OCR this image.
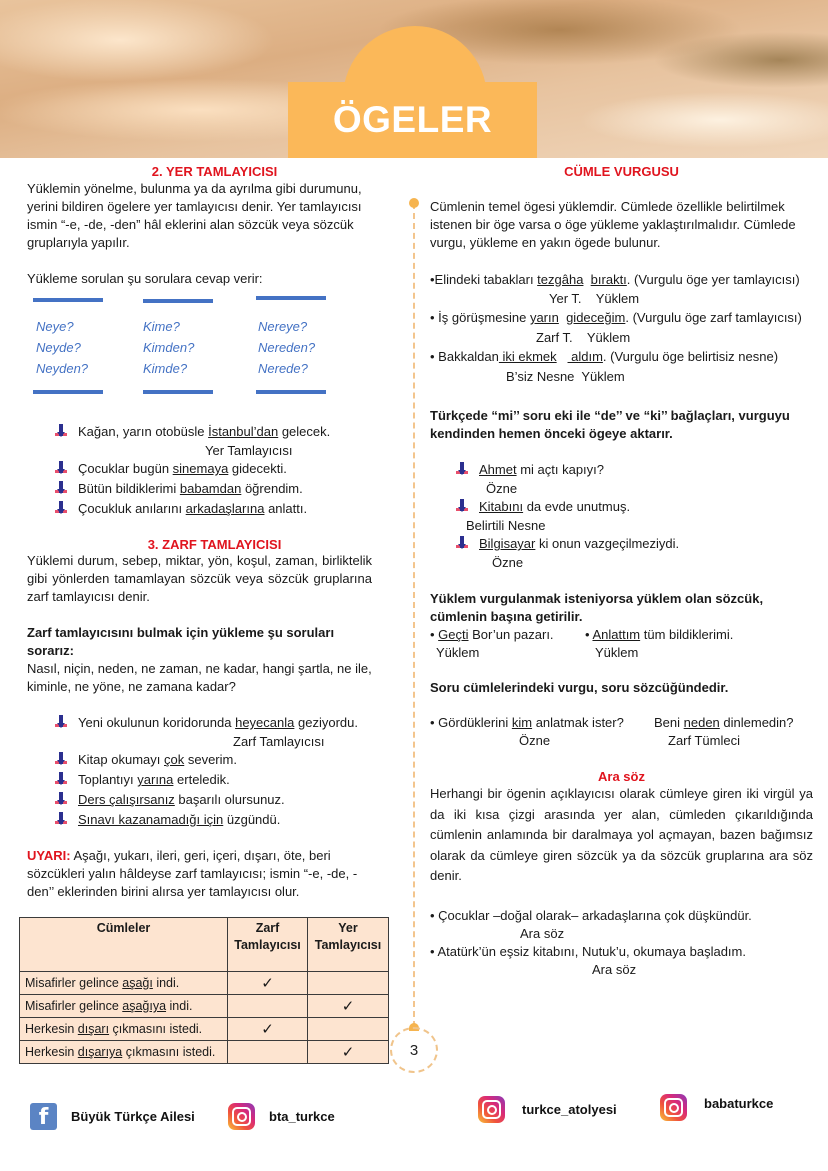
ÖGELER
2. YER TAMLAYICISI

Yüklemin yönelme, bulunma ya da ayrılma gibi durumunu, yerini bildiren ögelere yer tamlayıcısı denir. Yer tamlayıcısı ismin “-e, -de, -den” hâl eklerini alan sözcük veya sözcük gruplarıyla yapılır.

Yükleme sorulan şu sorulara cevap verir:

Neye?
Neyde?
Neyden?
Kime?
Kimden?
Kimde?
Nereye?
Nereden?
Nerede?
Kağan, yarın otobüsle İstanbul’dan gelecek.
Yer Tamlayıcısı
Çocuklar bugün sinemaya gidecekti.
Bütün bildiklerimi babamdan öğrendim.
Çocukluk anılarını arkadaşlarına anlattı.
3. ZARF TAMLAYICISI

Yüklemi durum, sebep, miktar, yön, koşul, zaman, birliktelik gibi yönlerden tamamlayan sözcük veya sözcük gruplarına zarf tamlayıcısı denir.

Zarf tamlayıcısını bulmak için yükleme şu soruları sorarız:

Nasıl, niçin, neden, ne zaman, ne kadar, hangi şartla, ne ile, kiminle, ne yöne, ne zamana kadar?

Yeni okulunun koridorunda heyecanla geziyordu.
Zarf Tamlayıcısı
Kitap okumayı çok severim.
Toplantıyı yarına erteledik.
Ders çalışırsanız başarılı olursunuz.
Sınavı kazanamadığı için üzgündü.

UYARI: Aşağı, yukarı, ileri, geri, içeri, dışarı, öte, beri sözcükleri yalın hâldeyse zarf tamlayıcısı; ismin “-e, -de, -den’’ eklerinden birini alırsa yer tamlayıcısı olur.

Cümleler	Zarf Tamlayıcısı	Yer Tamlayıcısı
Misafirler gelince aşağı indi.	✓	
Misafirler gelince aşağıya indi.		✓
Herkesin dışarı çıkmasını istedi.	✓	
Herkesin dışarıya çıkmasını istedi.		✓	3
CÜMLE VURGUSU

Cümlenin temel ögesi yüklemdir. Cümlede özellikle belirtilmek istenen bir öge varsa o öge yükleme yaklaştırılmalıdır. Cümlede vurgu, yükleme en yakın ögede bulunur.

•Elindeki tabakları tezgâha bıraktı. (Vurgulu öge yer tamlayıcısı)
Yer T.    Yüklem
• İş görüşmesine yarın gideceğim. (Vurgulu öge zarf tamlayıcısı)
Zarf T.    Yüklem
• Bakkaldan iki ekmek    aldım. (Vurgulu öge belirtisiz nesne)
B’siz Nesne  Yüklem

Türkçede “mi’’ soru eki ile “de’’ ve “ki’’ bağlaçları, vurguyu kendinden hemen önceki ögeye aktarır.

Ahmet mi açtı kapıyı?
Özne
Kitabını da evde unutmuş.
Belirtili Nesne
Bilgisayar ki onun vazgeçilmeziydi.
Özne

Yüklem vurgulanmak isteniyorsa yüklem olan sözcük, cümlenin başına getirilir.

• Geçti Bor’un pazarı.
Yüklem
• Anlattım tüm bildiklerimi.
Yüklem

Soru cümlelerindeki vurgu, soru sözcüğündedir.

• Gördüklerini kim anlatmak ister?
Özne
Beni neden dinlemedin?
Zarf Tümleci
Ara söz

Herhangi bir ögenin açıklayıcısı olarak cümleye giren iki virgül ya da iki kısa çizgi arasında yer alan, cümleden çıkarıldığında cümlenin anlamında bir daralmaya yol açmayan, bazen bağımsız olarak da cümleye giren sözcük ya da sözcük gruplarına ara söz denir.

• Çocuklar –doğal olarak– arkadaşlarına çok düşkündür.
Ara söz
• Atatürk’ün eşsiz kitabını, Nutuk’u, okumaya başladım.
Ara söz
f	Büyük Türkçe Ailesi	bta_turkce	turkce_atolyesi	babaturkce
